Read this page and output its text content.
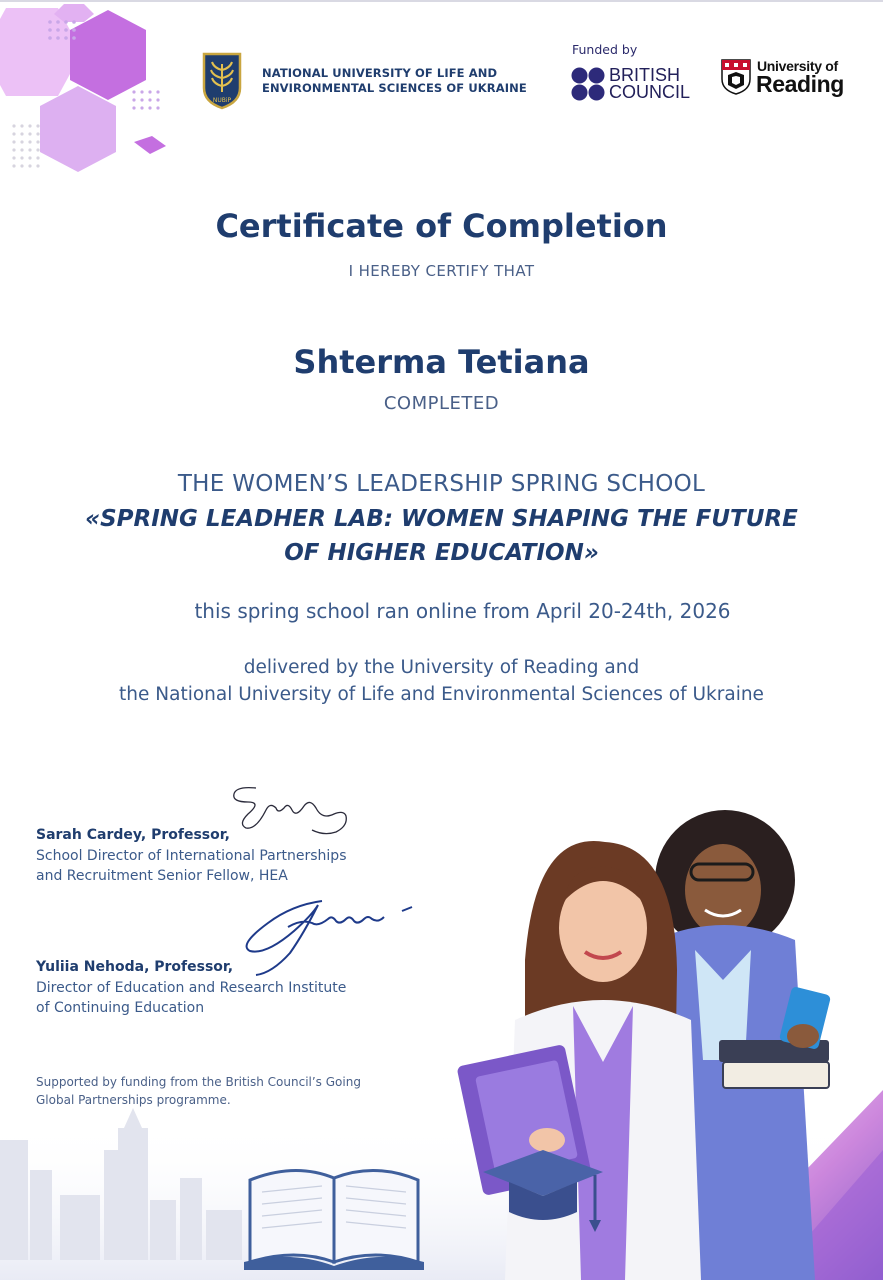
NUBiP
NATIONAL UNIVERSITY OF LIFE AND
ENVIRONMENTAL SCIENCES OF UKRAINE
Funded by
BRITISH
COUNCIL
University of
Reading
Certificate of Completion
I HEREBY CERTIFY THAT
Shterma Tetiana
COMPLETED
THE WOMEN’S LEADERSHIP SPRING SCHOOL
«SPRING LEADHER LAB: WOMEN SHAPING THE FUTURE
OF HIGHER EDUCATION»
this spring school ran online from April 20-24th, 2026
delivered by the University of Reading and
the National University of Life and Environmental Sciences of Ukraine
Sarah Cardey, Professor,
School Director of International Partnerships
and Recruitment Senior Fellow, HEA
Yuliia Nehoda, Professor,
Director of Education and Research Institute
of Continuing Education
Supported by funding from the British Council’s Going
Global Partnerships programme.
